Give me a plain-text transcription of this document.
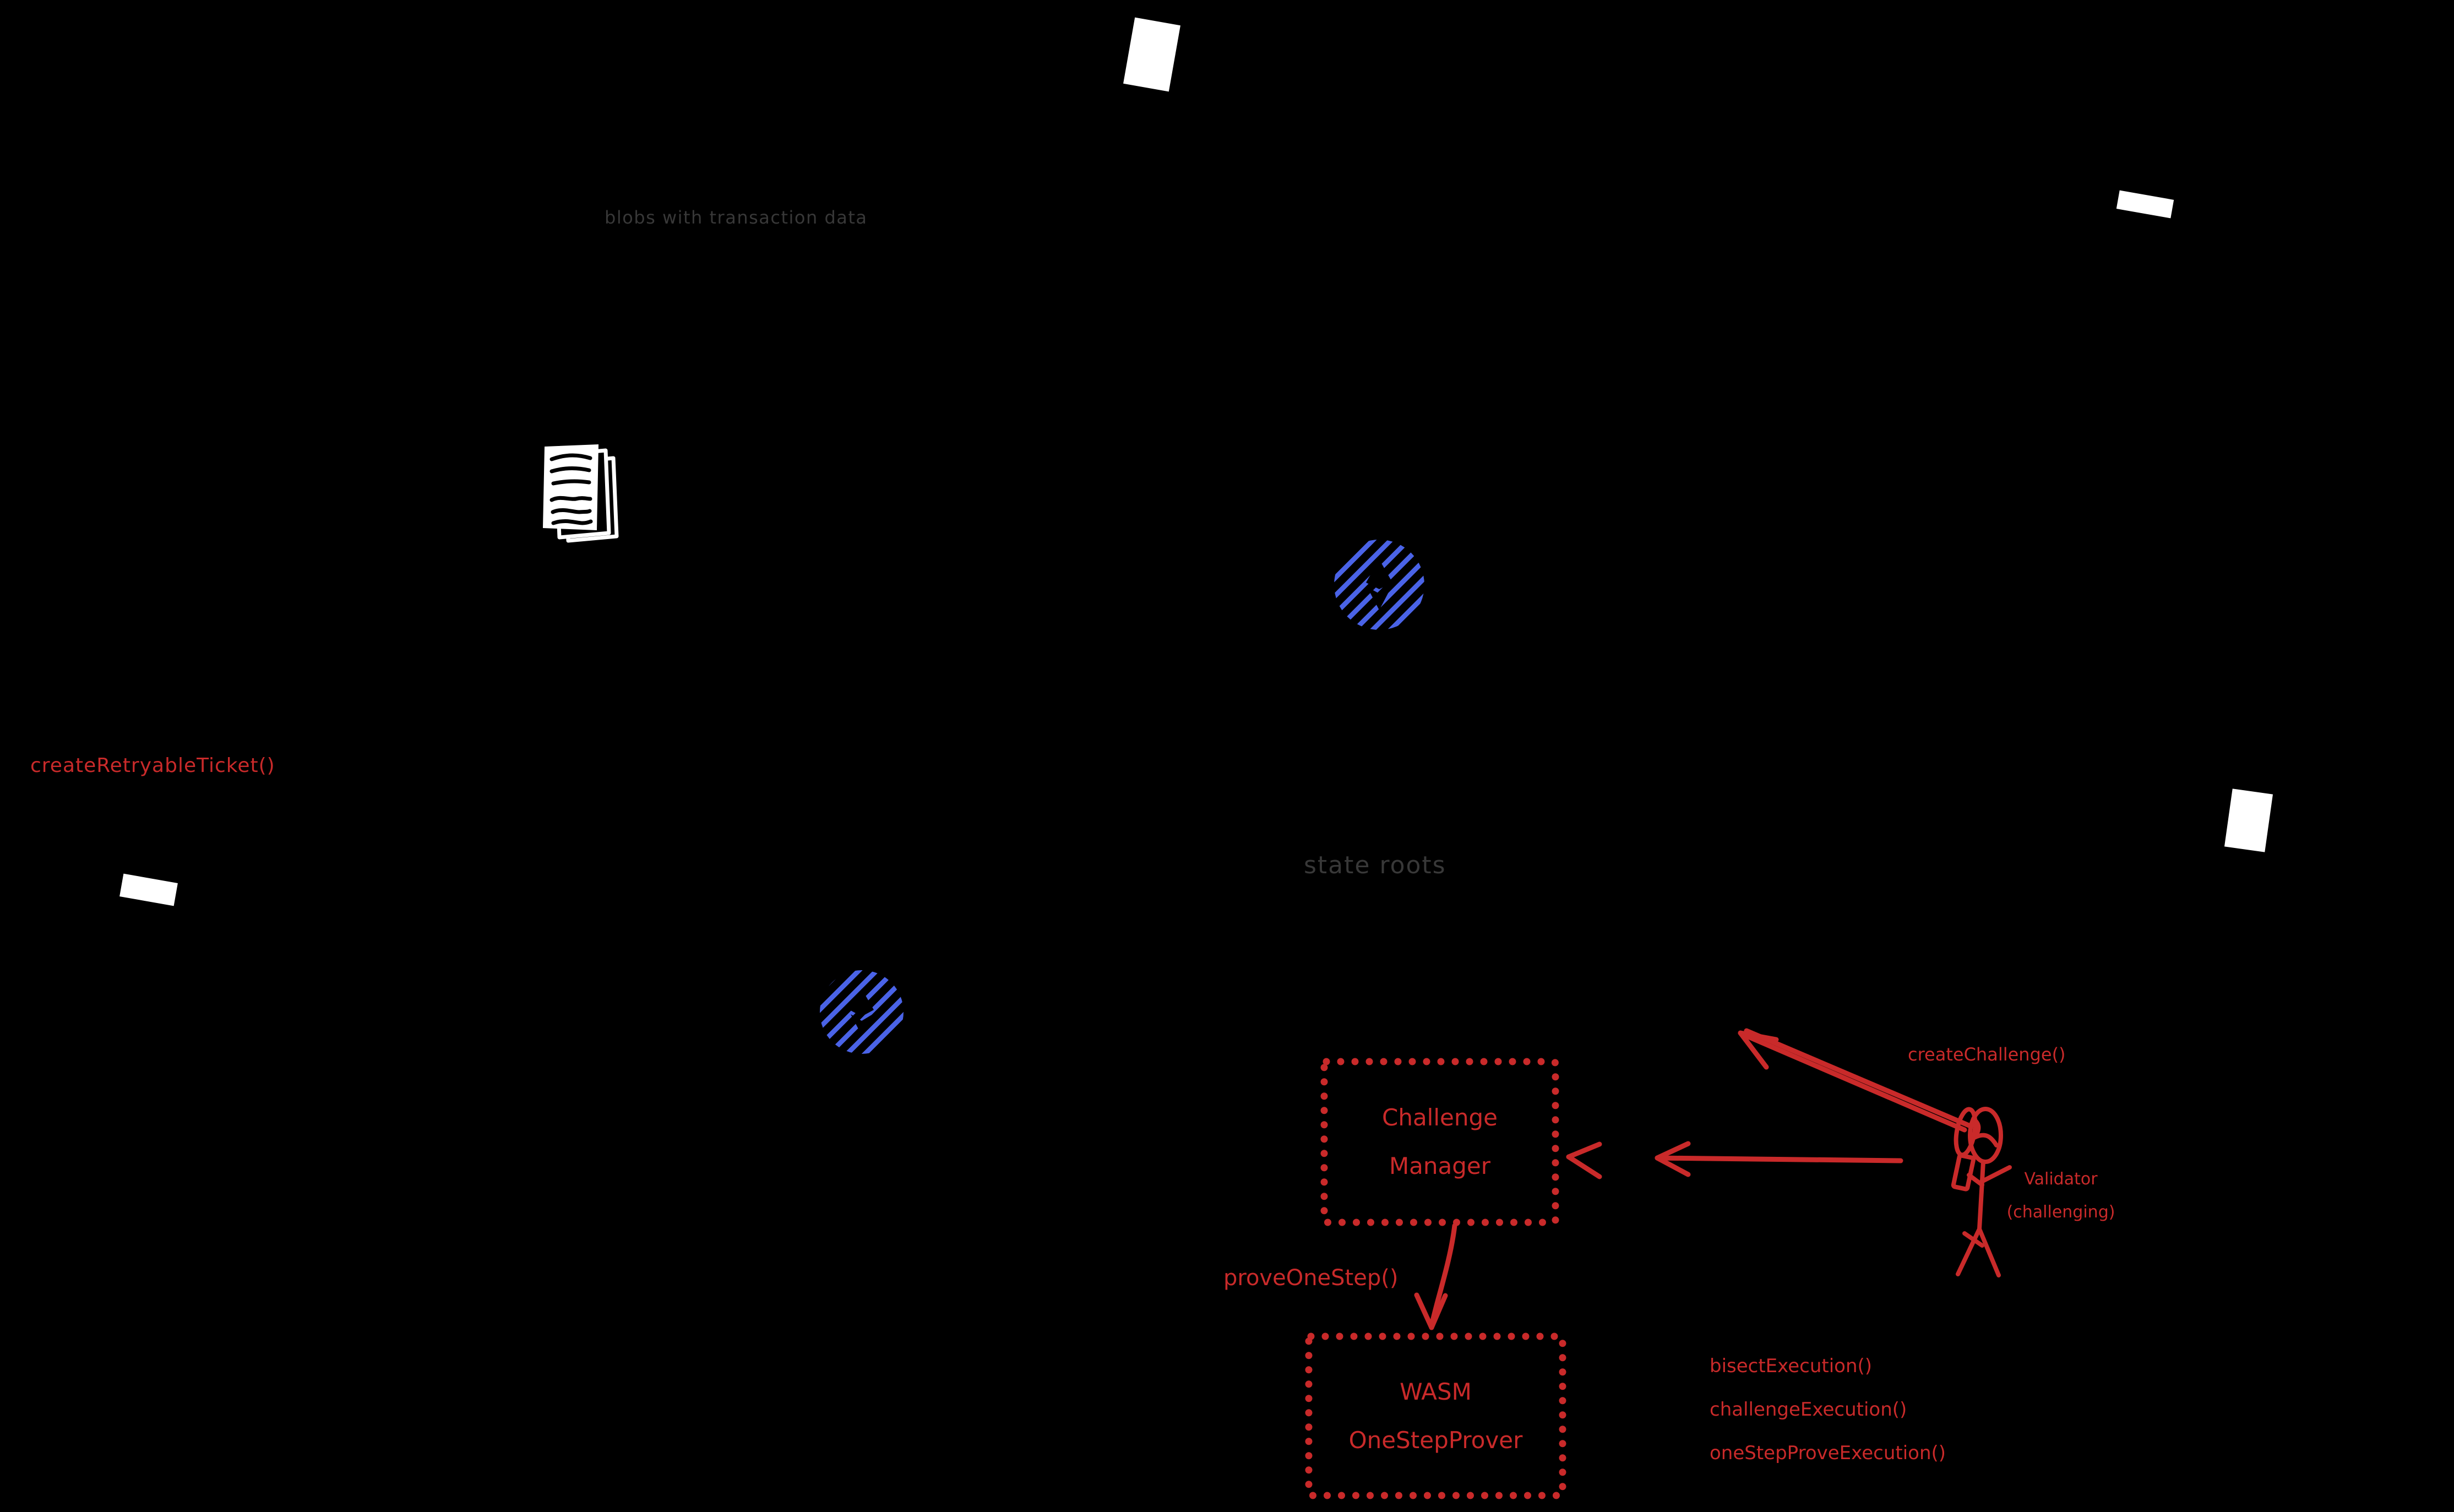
blobs with transaction data
state roots
createRetryableTicket()
createChallenge()
proveOneStep()
Validator
(challenging)
bisectExecution()
challengeExecution()
oneStepProveExecution()
Challenge
Manager
WASM
OneStepProver
